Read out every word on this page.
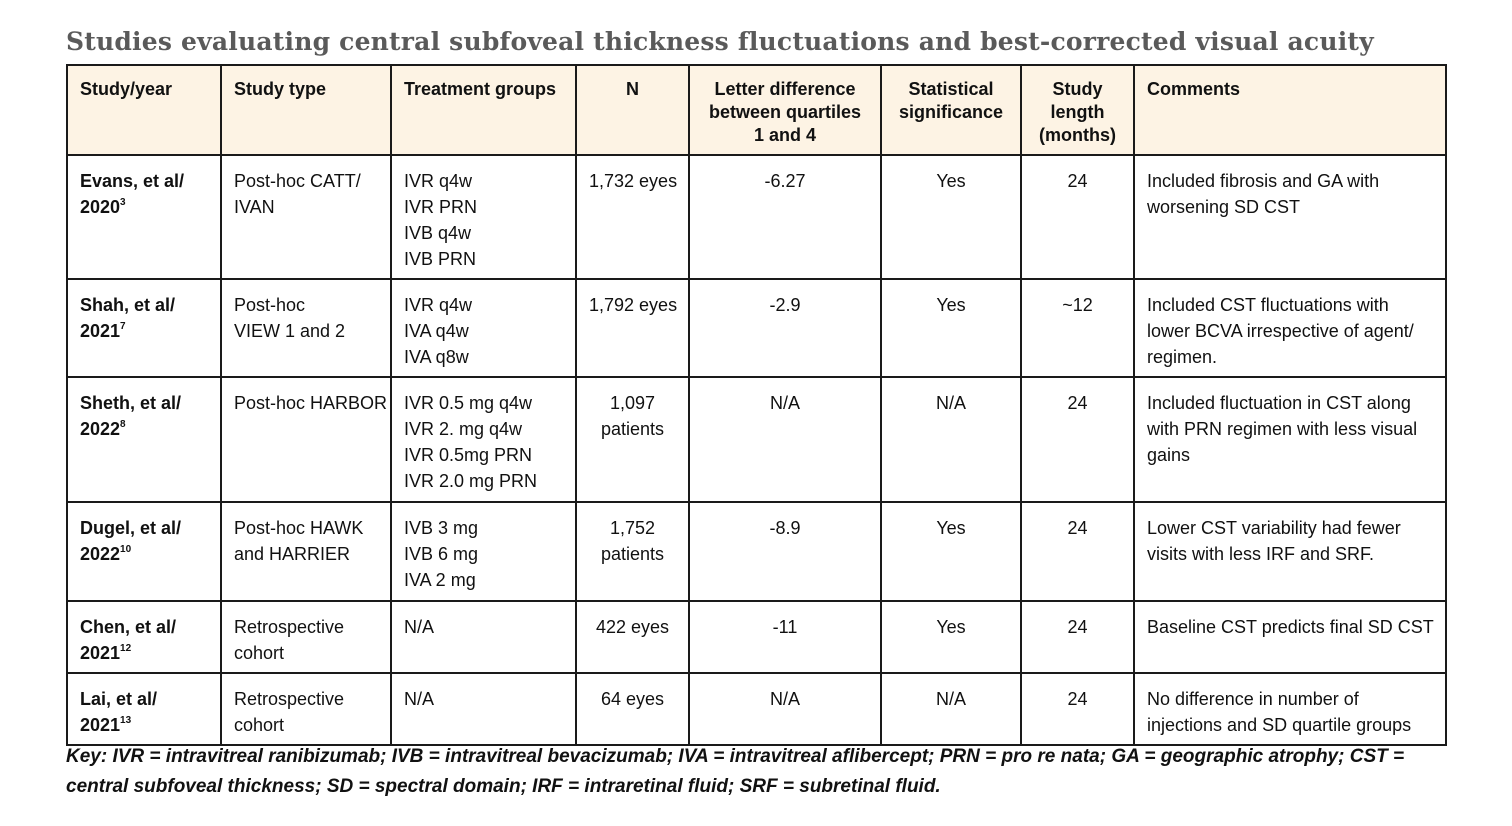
Studies evaluating central subfoveal thickness fluctuations and best-corrected visual acuity
Study/year	Study type	Treatment groups	N	Letter difference between quartiles 1 and 4	Statistical significance	Study length (months)	Comments

Evans, et al/
2020$^3$	Post-hoc CATT/
IVAN	IVR q4w
IVR PRN
IVB q4w
IVB PRN	1,732 eyes	-6.27	Yes	24	Included fibrosis and GA with
worsening SD CST

Shah, et al/
2021$^7$	Post-hoc
VIEW 1 and 2	IVR q4w
IVA q4w
IVA q8w	1,792 eyes	-2.9	Yes	~12	Included CST fluctuations with
lower BCVA irrespective of agent/
regimen.

Sheth, et al/
2022$^8$	Post-hoc HARBOR	IVR 0.5 mg q4w
IVR 2. mg q4w
IVR 0.5mg PRN
IVR 2.0 mg PRN	1,097
patients	N/A	N/A	24	Included fluctuation in CST along
with PRN regimen with less visual
gains

Dugel, et al/
2022$^{10}$	Post-hoc HAWK
and HARRIER	IVB 3 mg
IVB 6 mg
IVA 2 mg	1,752
patients	-8.9	Yes	24	Lower CST variability had fewer
visits with less IRF and SRF.

Chen, et al/
2021$^{12}$	Retrospective
cohort	N/A	422 eyes	-11	Yes	24	Baseline CST predicts final SD CST

Lai, et al/
2021$^{13}$	Retrospective
cohort	N/A	64 eyes	N/A	N/A	24	No difference in number of
injections and SD quartile groups
Key: IVR = intravitreal ranibizumab; IVB = intravitreal bevacizumab; IVA = intravitreal aflibercept; PRN = pro re nata; GA = geographic atrophy; CST = central subfoveal thickness; SD = spectral domain; IRF = intraretinal fluid; SRF = subretinal fluid.
